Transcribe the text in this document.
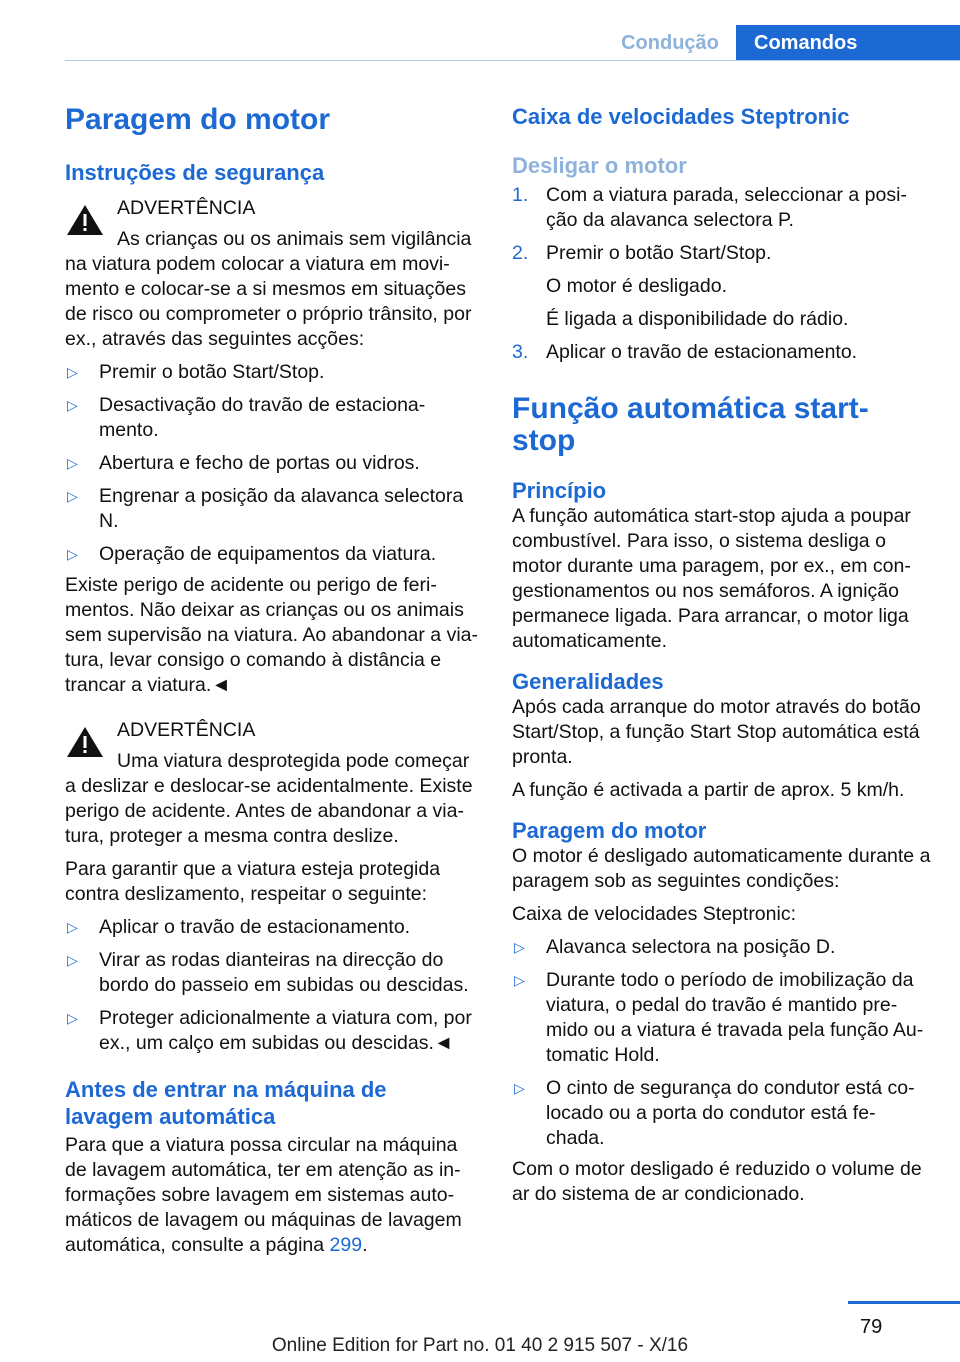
Condução	Comandos
Paragem do motor
Instruções de segurança

ADVERTÊNCIA

As crianças ou os animais sem vigilância

na viatura podem colocar a viatura em movi-mento e colocar-se a si mesmos em situações de risco ou comprometer o próprio trânsito, por ex., através das seguintes acções:

▷ Premir o botão Start/Stop.
▷ Desactivação do travão de estaciona-mento.
▷ Abertura e fecho de portas ou vidros.
▷ Engrenar a posição da alavanca selectora N.
▷ Operação de equipamentos da viatura.

Existe perigo de acidente ou perigo de feri-mentos. Não deixar as crianças ou os animais sem supervisão na viatura. Ao abandonar a via-tura, levar consigo o comando à distância e trancar a viatura.◄

ADVERTÊNCIA

Uma viatura desprotegida pode começar

a deslizar e deslocar-se acidentalmente. Existe perigo de acidente. Antes de abandonar a via-tura, proteger a mesma contra deslize.

Para garantir que a viatura esteja protegida contra deslizamento, respeitar o seguinte:

▷ Aplicar o travão de estacionamento.
▷ Virar as rodas dianteiras na direcção do bordo do passeio em subidas ou descidas.
▷ Proteger adicionalmente a viatura com, por ex., um calço em subidas ou descidas.◄
Antes de entrar na máquina de lavagem automática

Para que a viatura possa circular na máquina de lavagem automática, ter em atenção as in-formações sobre lavagem em sistemas auto-máticos de lavagem ou máquinas de lavagem automática, consulte a página 299.

Caixa de velocidades Steptronic
Desligar o motor
1. Com a viatura parada, seleccionar a posi-ção da alavanca selectora P.
2. Premir o botão Start/Stop.

O motor é desligado.

É ligada a disponibilidade do rádio.

3. Aplicar o travão de estacionamento.
Função automática start-stop
Princípio

A função automática start-stop ajuda a poupar combustível. Para isso, o sistema desliga o motor durante uma paragem, por ex., em con-gestionamentos ou nos semáforos. A ignição permanece ligada. Para arrancar, o motor liga automaticamente.

Generalidades

Após cada arranque do motor através do botão Start/Stop, a função Start Stop automática está pronta.

A função é activada a partir de aprox. 5 km/h.

Paragem do motor

O motor é desligado automaticamente durante a paragem sob as seguintes condições:

Caixa de velocidades Steptronic:

▷ Alavanca selectora na posição D.
▷ Durante todo o período de imobilização da viatura, o pedal do travão é mantido pre-mido ou a viatura é travada pela função Au-tomatic Hold.
▷ O cinto de segurança do condutor está co-locado ou a porta do condutor está fe-chada.

Com o motor desligado é reduzido o volume de ar do sistema de ar condicionado.

79
Online Edition for Part no. 01 40 2 915 507 - X/16
